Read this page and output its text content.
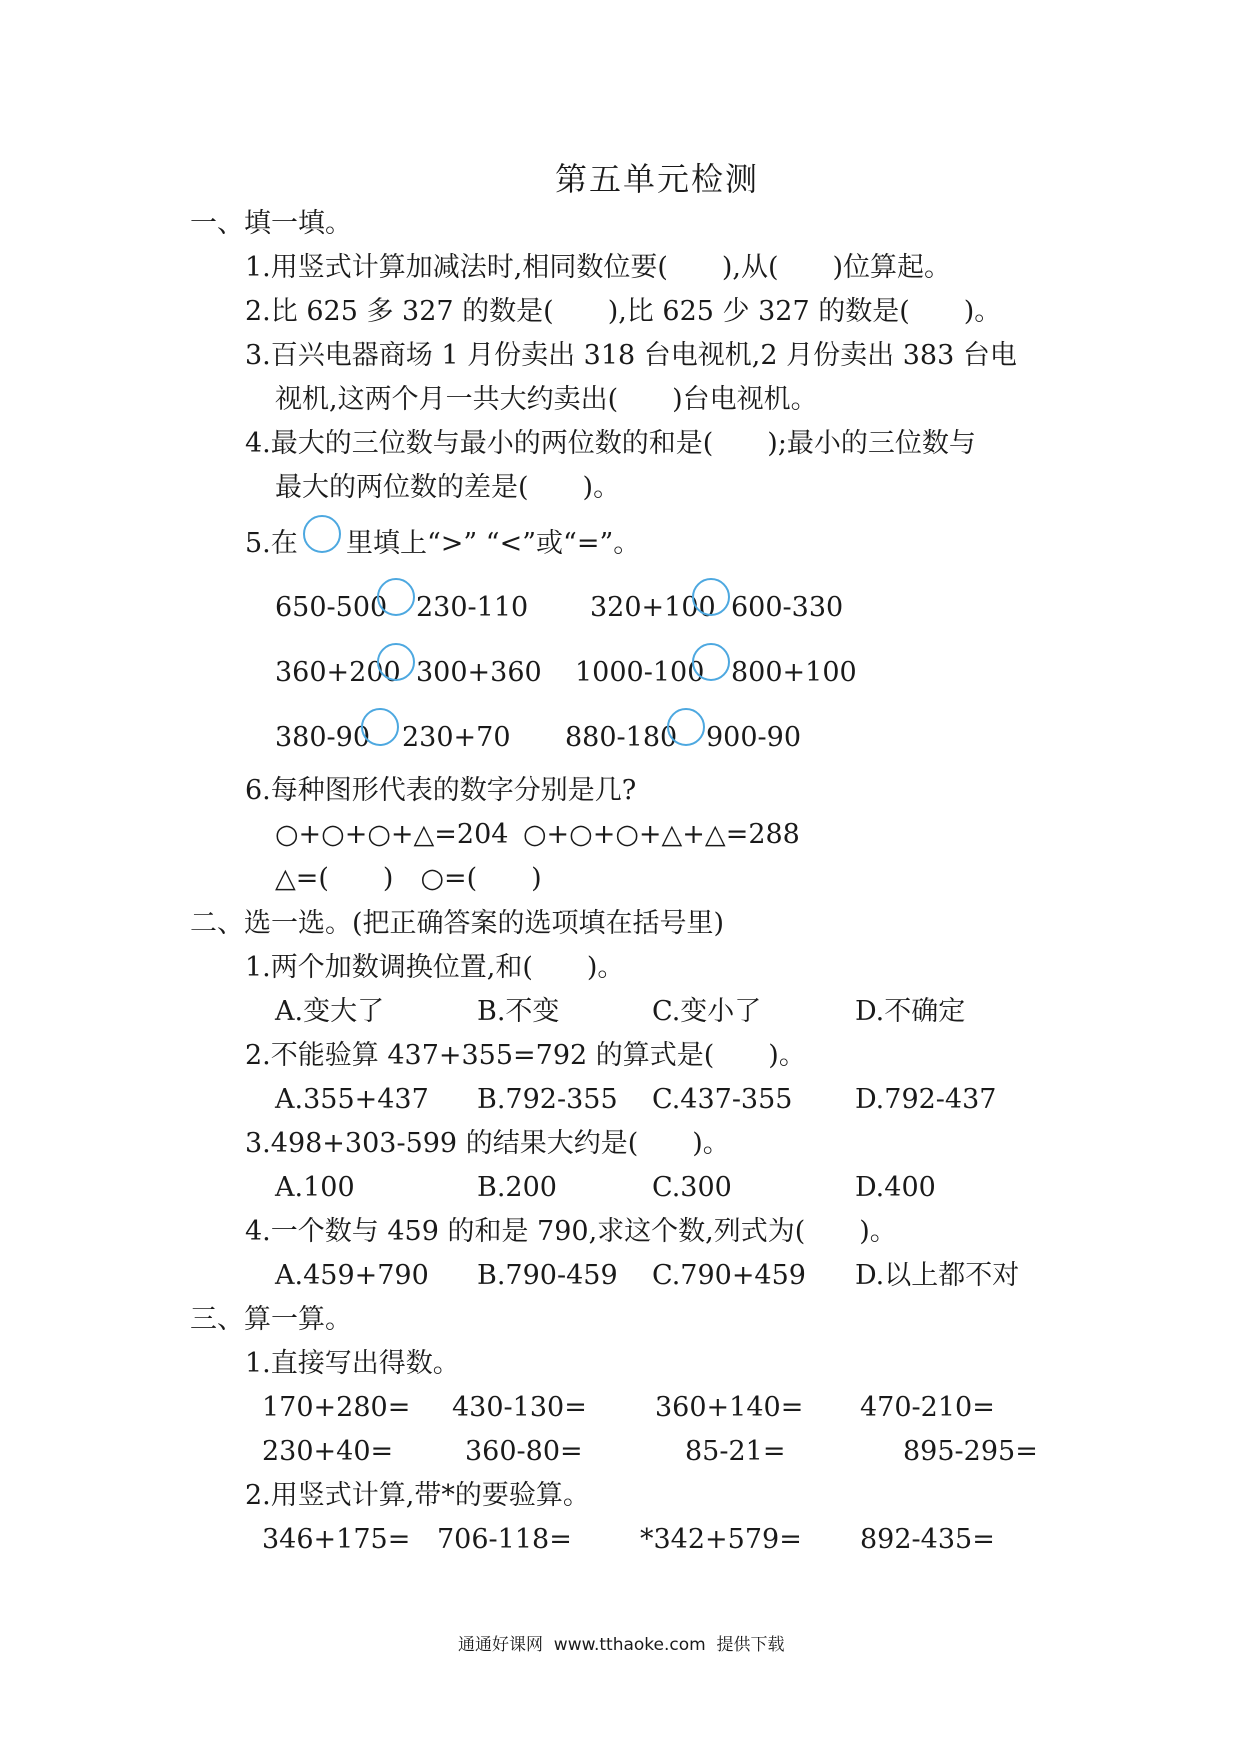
第五单元检测
一、填一填。
1.用竖式计算加减法时,相同数位要(　　),从(　　)位算起。
2.比 625 多 327 的数是(　　),比 625 少 327 的数是(　　)。
3.百兴电器商场 1 月份卖出 318 台电视机,2 月份卖出 383 台电
视机,这两个月一共大约卖出(　　)台电视机。
4.最大的三位数与最小的两位数的和是(　　);最小的三位数与
最大的两位数的差是(　　)。
5.在 里填上“>” “<”或“=”。
650-500 230-110 320+100 600-330
360+200 300+360 1000-100 800+100
380-90 230+70 880-180 900-90
6.每种图形代表的数字分别是几?
○+○+○+△=204 ○+○+○+△+△=288
△=(　　)　○=(　　)
二、选一选。(把正确答案的选项填在括号里)
1.两个加数调换位置,和(　　)。
A.变大了	B.不变	C.变小了	D.不确定
2.不能验算 437+355=792 的算式是(　　)。
A.355+437 B.792-355 C.437-355 D.792-437
3.498+303-599 的结果大约是(　　)。
A.100	B.200	C.300	D.400
4.一个数与 459 的和是 790,求这个数,列式为(　　)。
A.459+790 B.790-459 C.790+459 D.以上都不对
三、算一算。
1.直接写出得数。
170+280= 430-130=	360+140= 470-210=
230+40=	360-80=	85-21=	895-295=
2.用竖式计算,带*的要验算。
346+175= 706-118=	*342+579= 892-435=
通通好课网  www.tthaoke.com  提供下载
